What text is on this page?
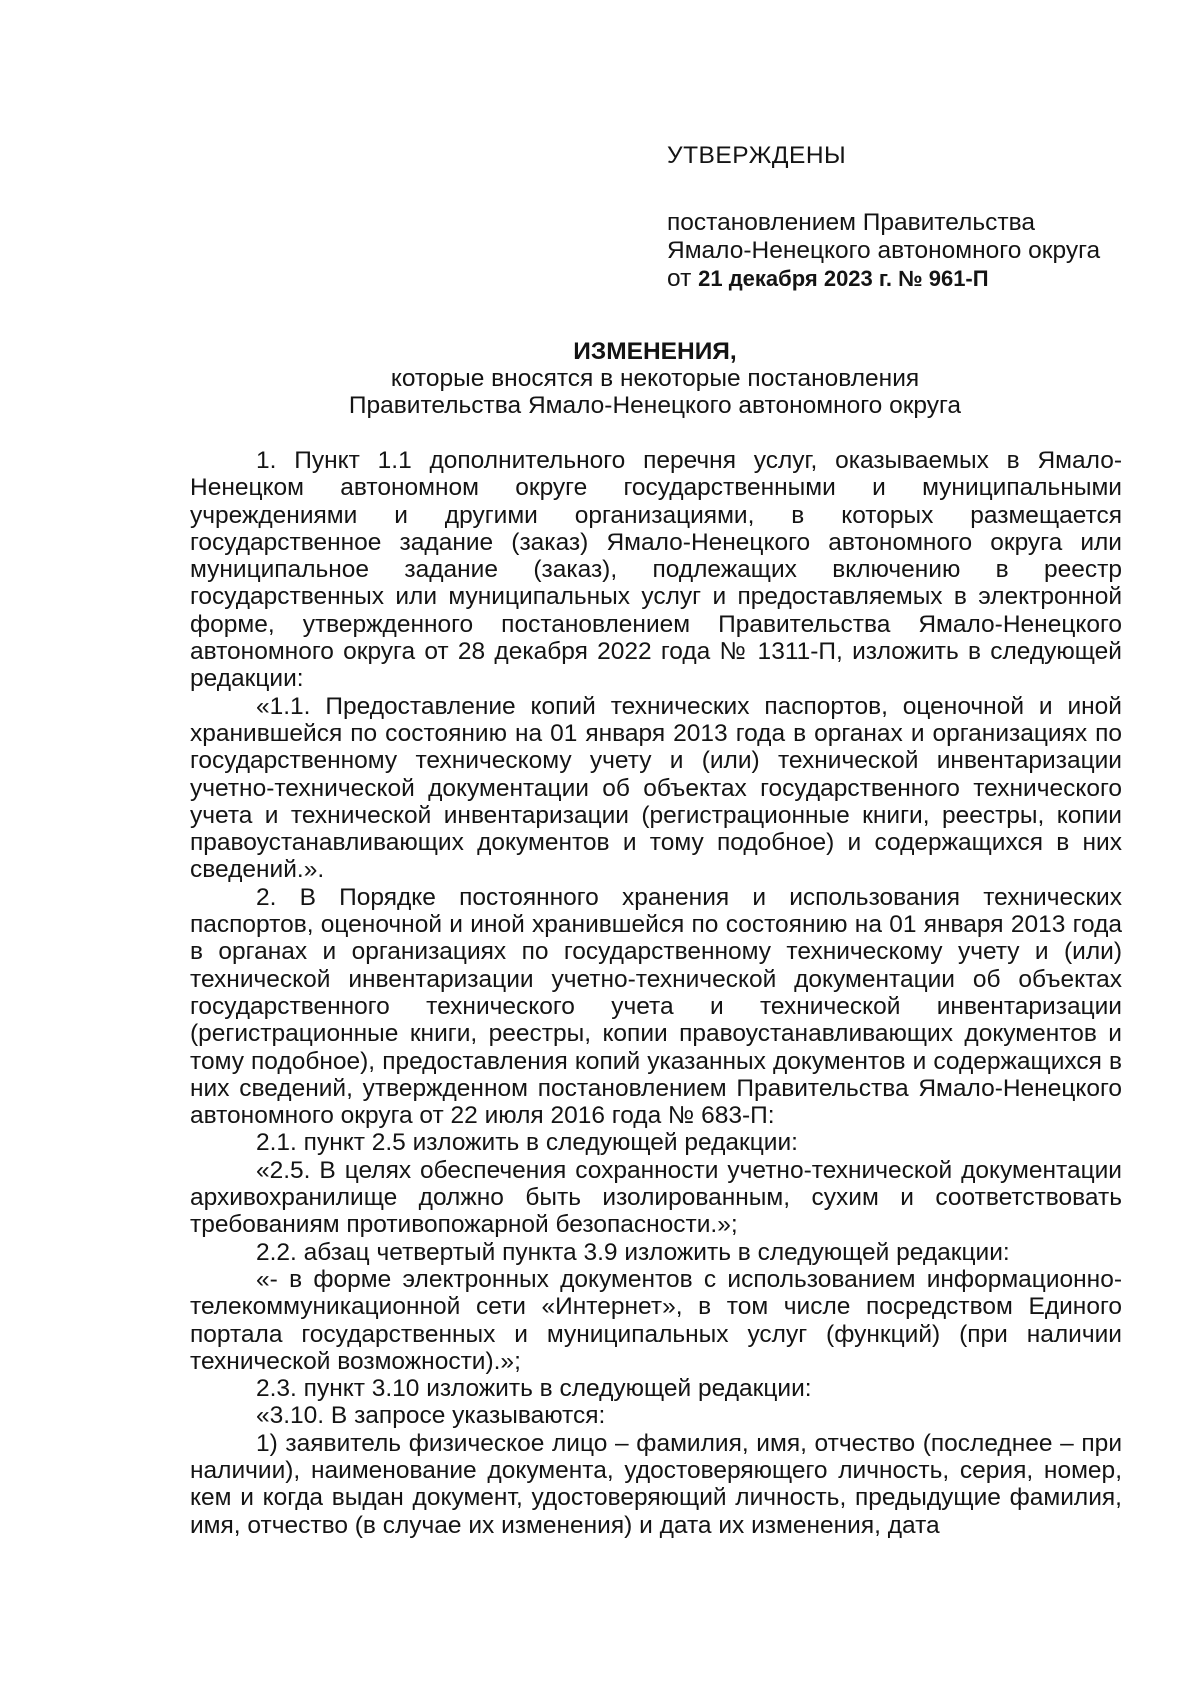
УТВЕРЖДЕНЫ

постановлением Правительства

Ямало-Ненецкого автономного округа

от 21 декабря 2023 г. № 961-П

ИЗМЕНЕНИЯ,

которые вносятся в некоторые постановления

Правительства Ямало-Ненецкого автономного округа

1. Пункт 1.1 дополнительного перечня услуг, оказываемых в Ямало-Ненецком автономном округе государственными и муниципальными учреждениями и другими организациями, в которых размещается государственное задание (заказ) Ямало-Ненецкого автономного округа или муниципальное задание (заказ), подлежащих включению в реестр государственных или муниципальных услуг и предоставляемых в электронной форме, утвержденного постановлением Правительства Ямало-Ненецкого автономного округа от 28 декабря 2022 года № 1311-П, изложить в следующей редакции:

«1.1. Предоставление копий технических паспортов, оценочной и иной хранившейся по состоянию на 01 января 2013 года в органах и организациях по государственному техническому учету и (или) технической инвентаризации учетно-технической документации об объектах государственного технического учета и технической инвентаризации (регистрационные книги, реестры, копии правоустанавливающих документов и тому подобное) и содержащихся в них сведений.».

2. В Порядке постоянного хранения и использования технических паспортов, оценочной и иной хранившейся по состоянию на 01 января 2013 года в органах и организациях по государственному техническому учету и (или) технической инвентаризации учетно-технической документации об объектах государственного технического учета и технической инвентаризации (регистрационные книги, реестры, копии правоустанавливающих документов и тому подобное), предоставления копий указанных документов и содержащихся в них сведений, утвержденном постановлением Правительства Ямало-Ненецкого автономного округа от 22 июля 2016 года № 683-П:

2.1. пункт 2.5 изложить в следующей редакции:

«2.5. В целях обеспечения сохранности учетно-технической документации архивохранилище должно быть изолированным, сухим и соответствовать требованиям противопожарной безопасности.»;

2.2. абзац четвертый пункта 3.9 изложить в следующей редакции:

«- в форме электронных документов с использованием информационно-телекоммуникационной сети «Интернет», в том числе посредством Единого портала государственных и муниципальных услуг (функций) (при наличии технической возможности).»;

2.3. пункт 3.10 изложить в следующей редакции:

«3.10. В запросе указываются:

1) заявитель физическое лицо – фамилия, имя, отчество (последнее – при наличии), наименование документа, удостоверяющего личность, серия, номер, кем и когда выдан документ, удостоверяющий личность, предыдущие фамилия, имя, отчество (в случае их изменения) и дата их изменения, дата
